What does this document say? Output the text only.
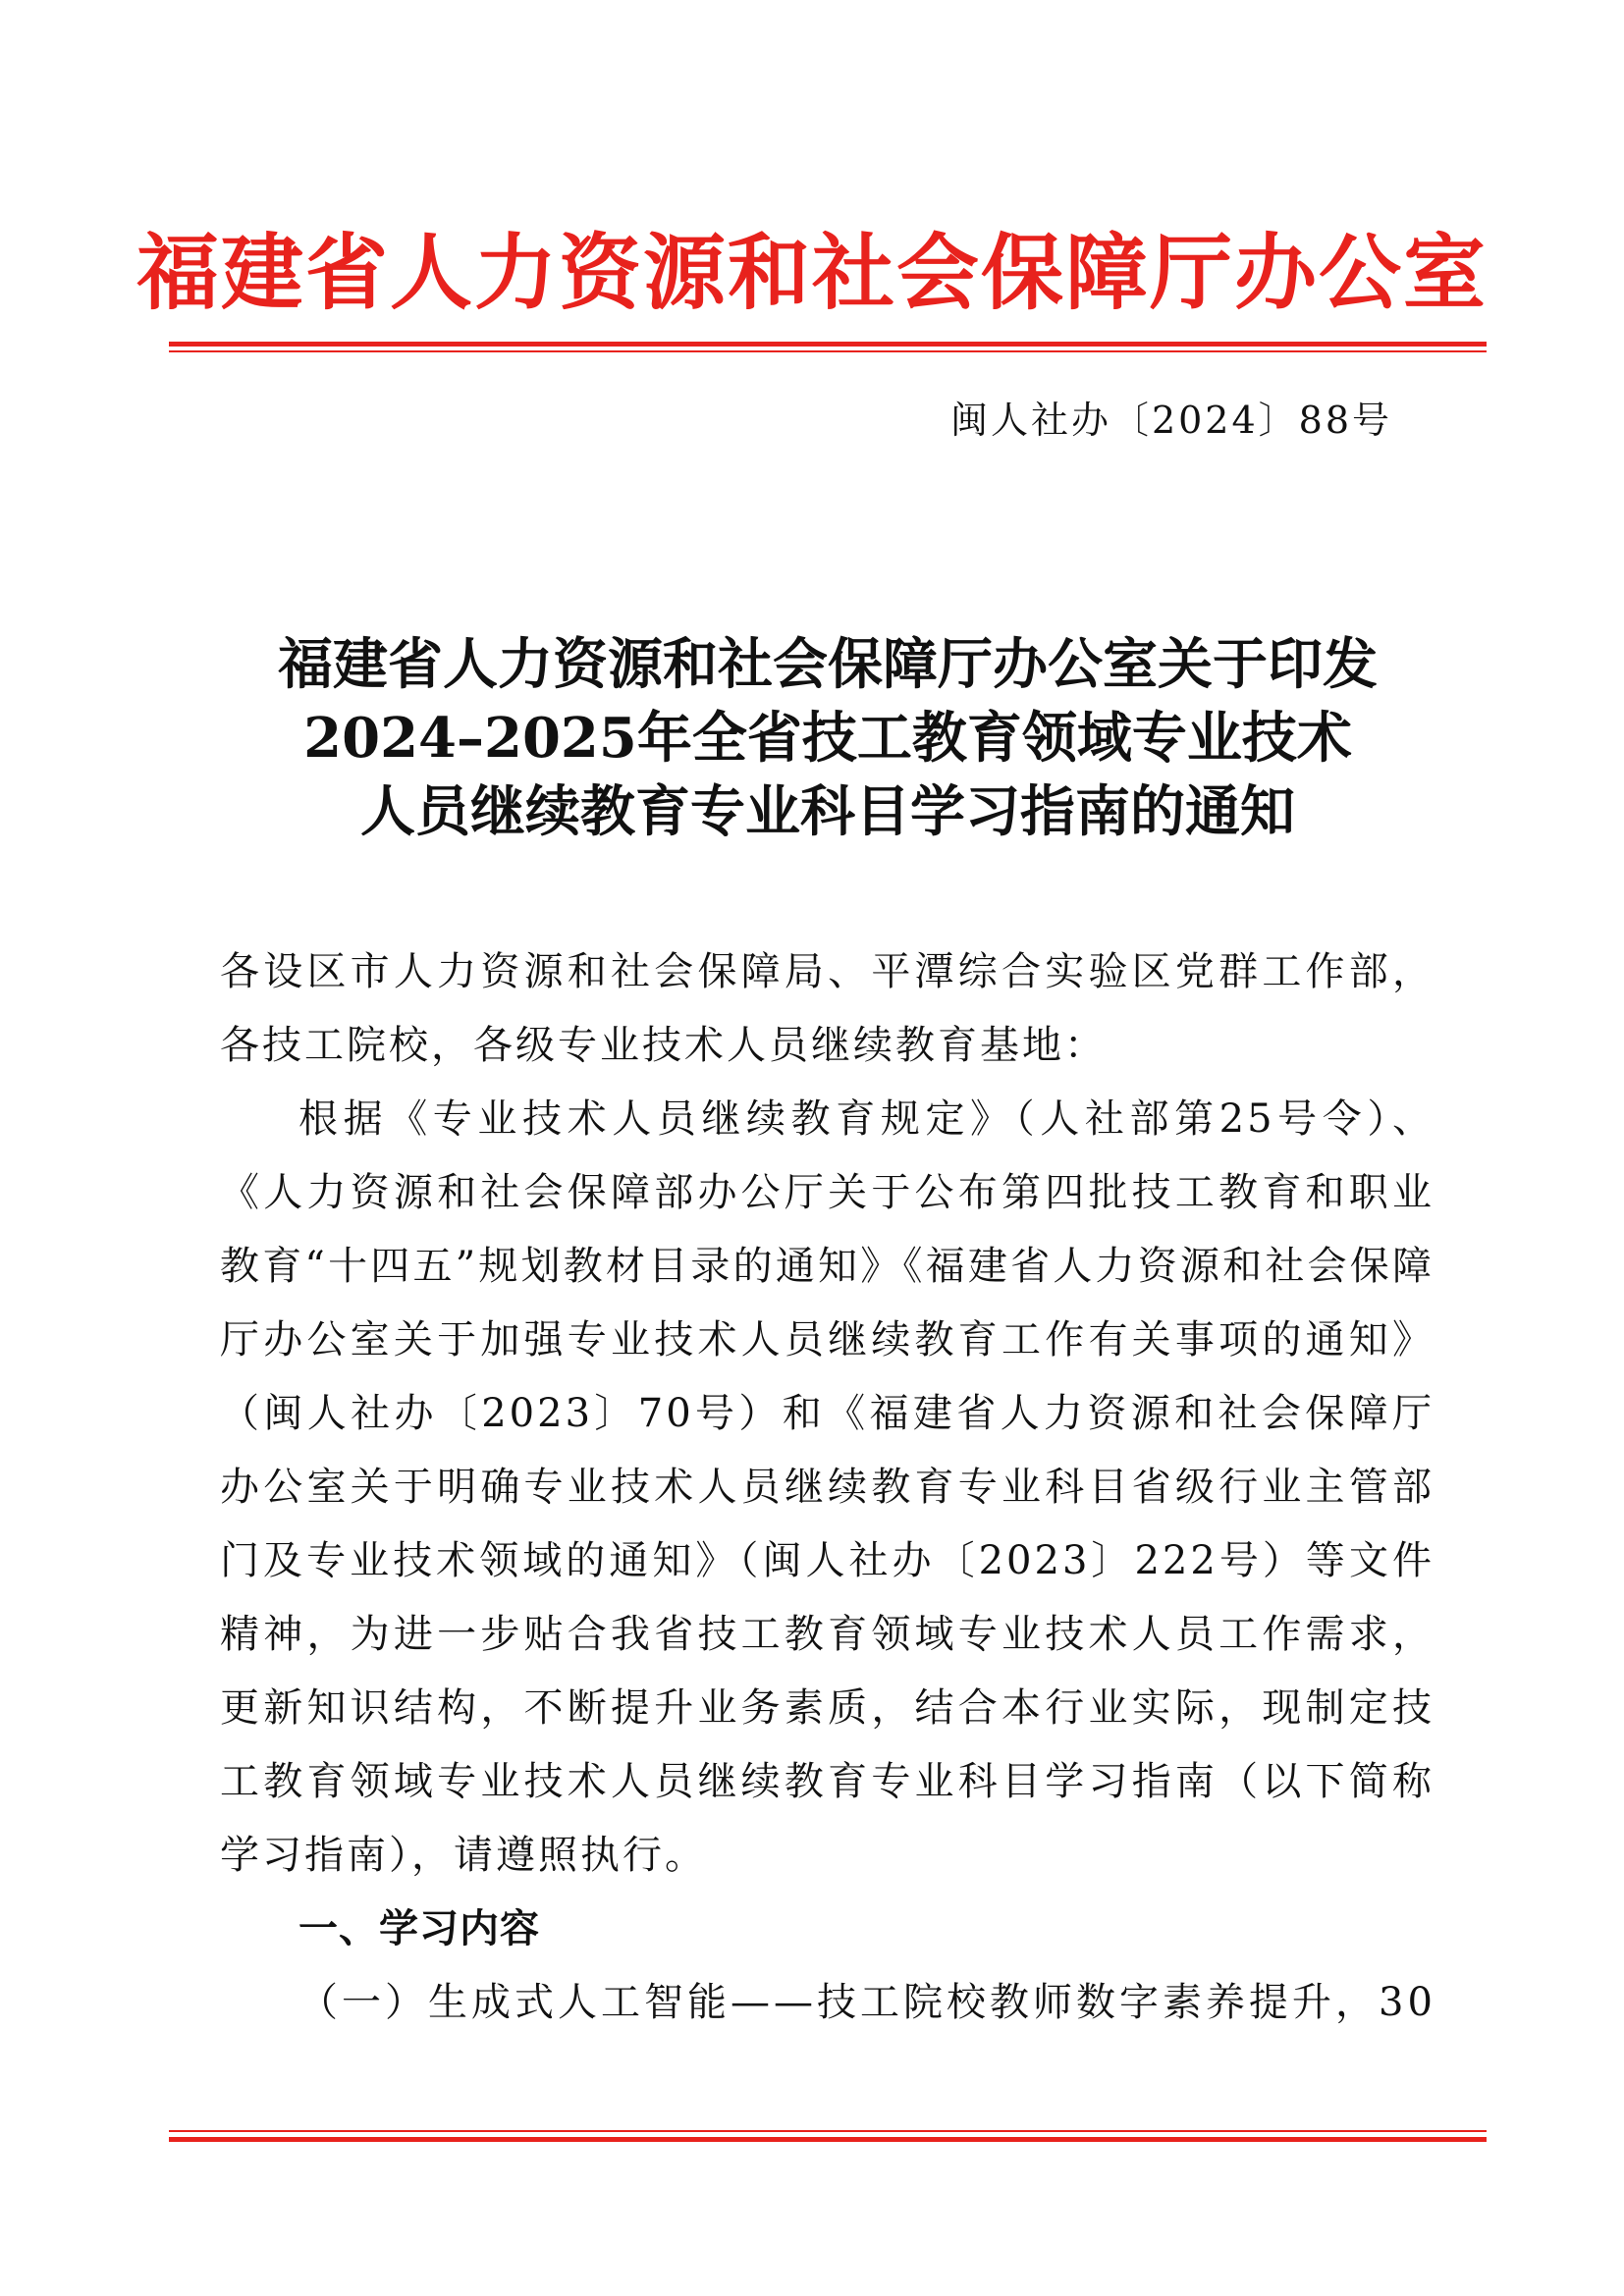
福建省人力资源和社会保障厅办公室

闽人社办〔2024〕88号

福建省人力资源和社会保障厅办公室关于印发
2024–2025年全省技工教育领域专业技术
人员继续教育专业科目学习指南的通知

各设区市人力资源和社会保障局、平潭综合实验区党群工作部，各技工院校，各级专业技术人员继续教育基地：

根据《专业技术人员继续教育规定》（人社部第25号令）、《人力资源和社会保障部办公厅关于公布第四批技工教育和职业教育“十四五”规划教材目录的通知》《福建省人力资源和社会保障厅办公室关于加强专业技术人员继续教育工作有关事项的通知》（闽人社办〔2023〕70号）和《福建省人力资源和社会保障厅办公室关于明确专业技术人员继续教育专业科目省级行业主管部门及专业技术领域的通知》（闽人社办〔2023〕222号）等文件精神，为进一步贴合我省技工教育领域专业技术人员工作需求，更新知识结构，不断提升业务素质，结合本行业实际，现制定技工教育领域专业技术人员继续教育专业科目学习指南（以下简称学习指南），请遵照执行。

一、学习内容

（一）生成式人工智能——技工院校教师数字素养提升，30
